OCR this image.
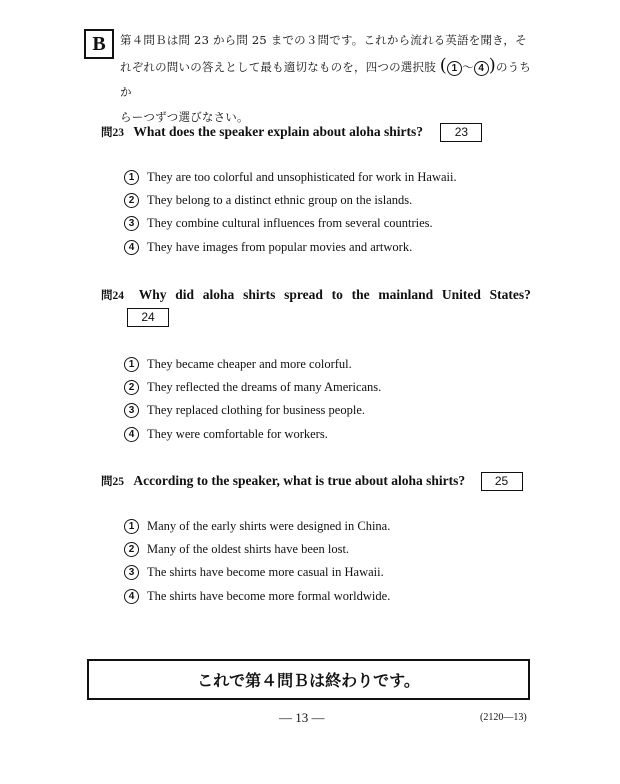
B 第４問Ｂは問 23 から問 25 までの３問です。これから流れる英語を聞き，そ
れぞれの問いの答えとして最も適切なものを，四つの選択肢 ( 1 〜 4 )のうちか
らーつずつ選びなさい。
問23 What does the speaker explain about aloha shirts?	23
1	They are too colorful and unsophisticated for work in Hawaii.
2	They belong to a distinct ethnic group on the islands.
3	They combine cultural influences from several countries.
4	They have images from popular movies and artwork.
問24 Why did aloha shirts spread to the mainland United States?
24
1	They became cheaper and more colorful.
2	They reflected the dreams of many Americans.
3	They replaced clothing for business people.
4	They were comfortable for workers.
問25 According to the speaker, what is true about aloha shirts? 25
1	Many of the early shirts were designed in China.
2	Many of the oldest shirts have been lost.
3	The shirts have become more casual in Hawaii.
4	The shirts have become more formal worldwide.
これで第４問Ｂは終わりです。
— 13 —	(2120—13)
